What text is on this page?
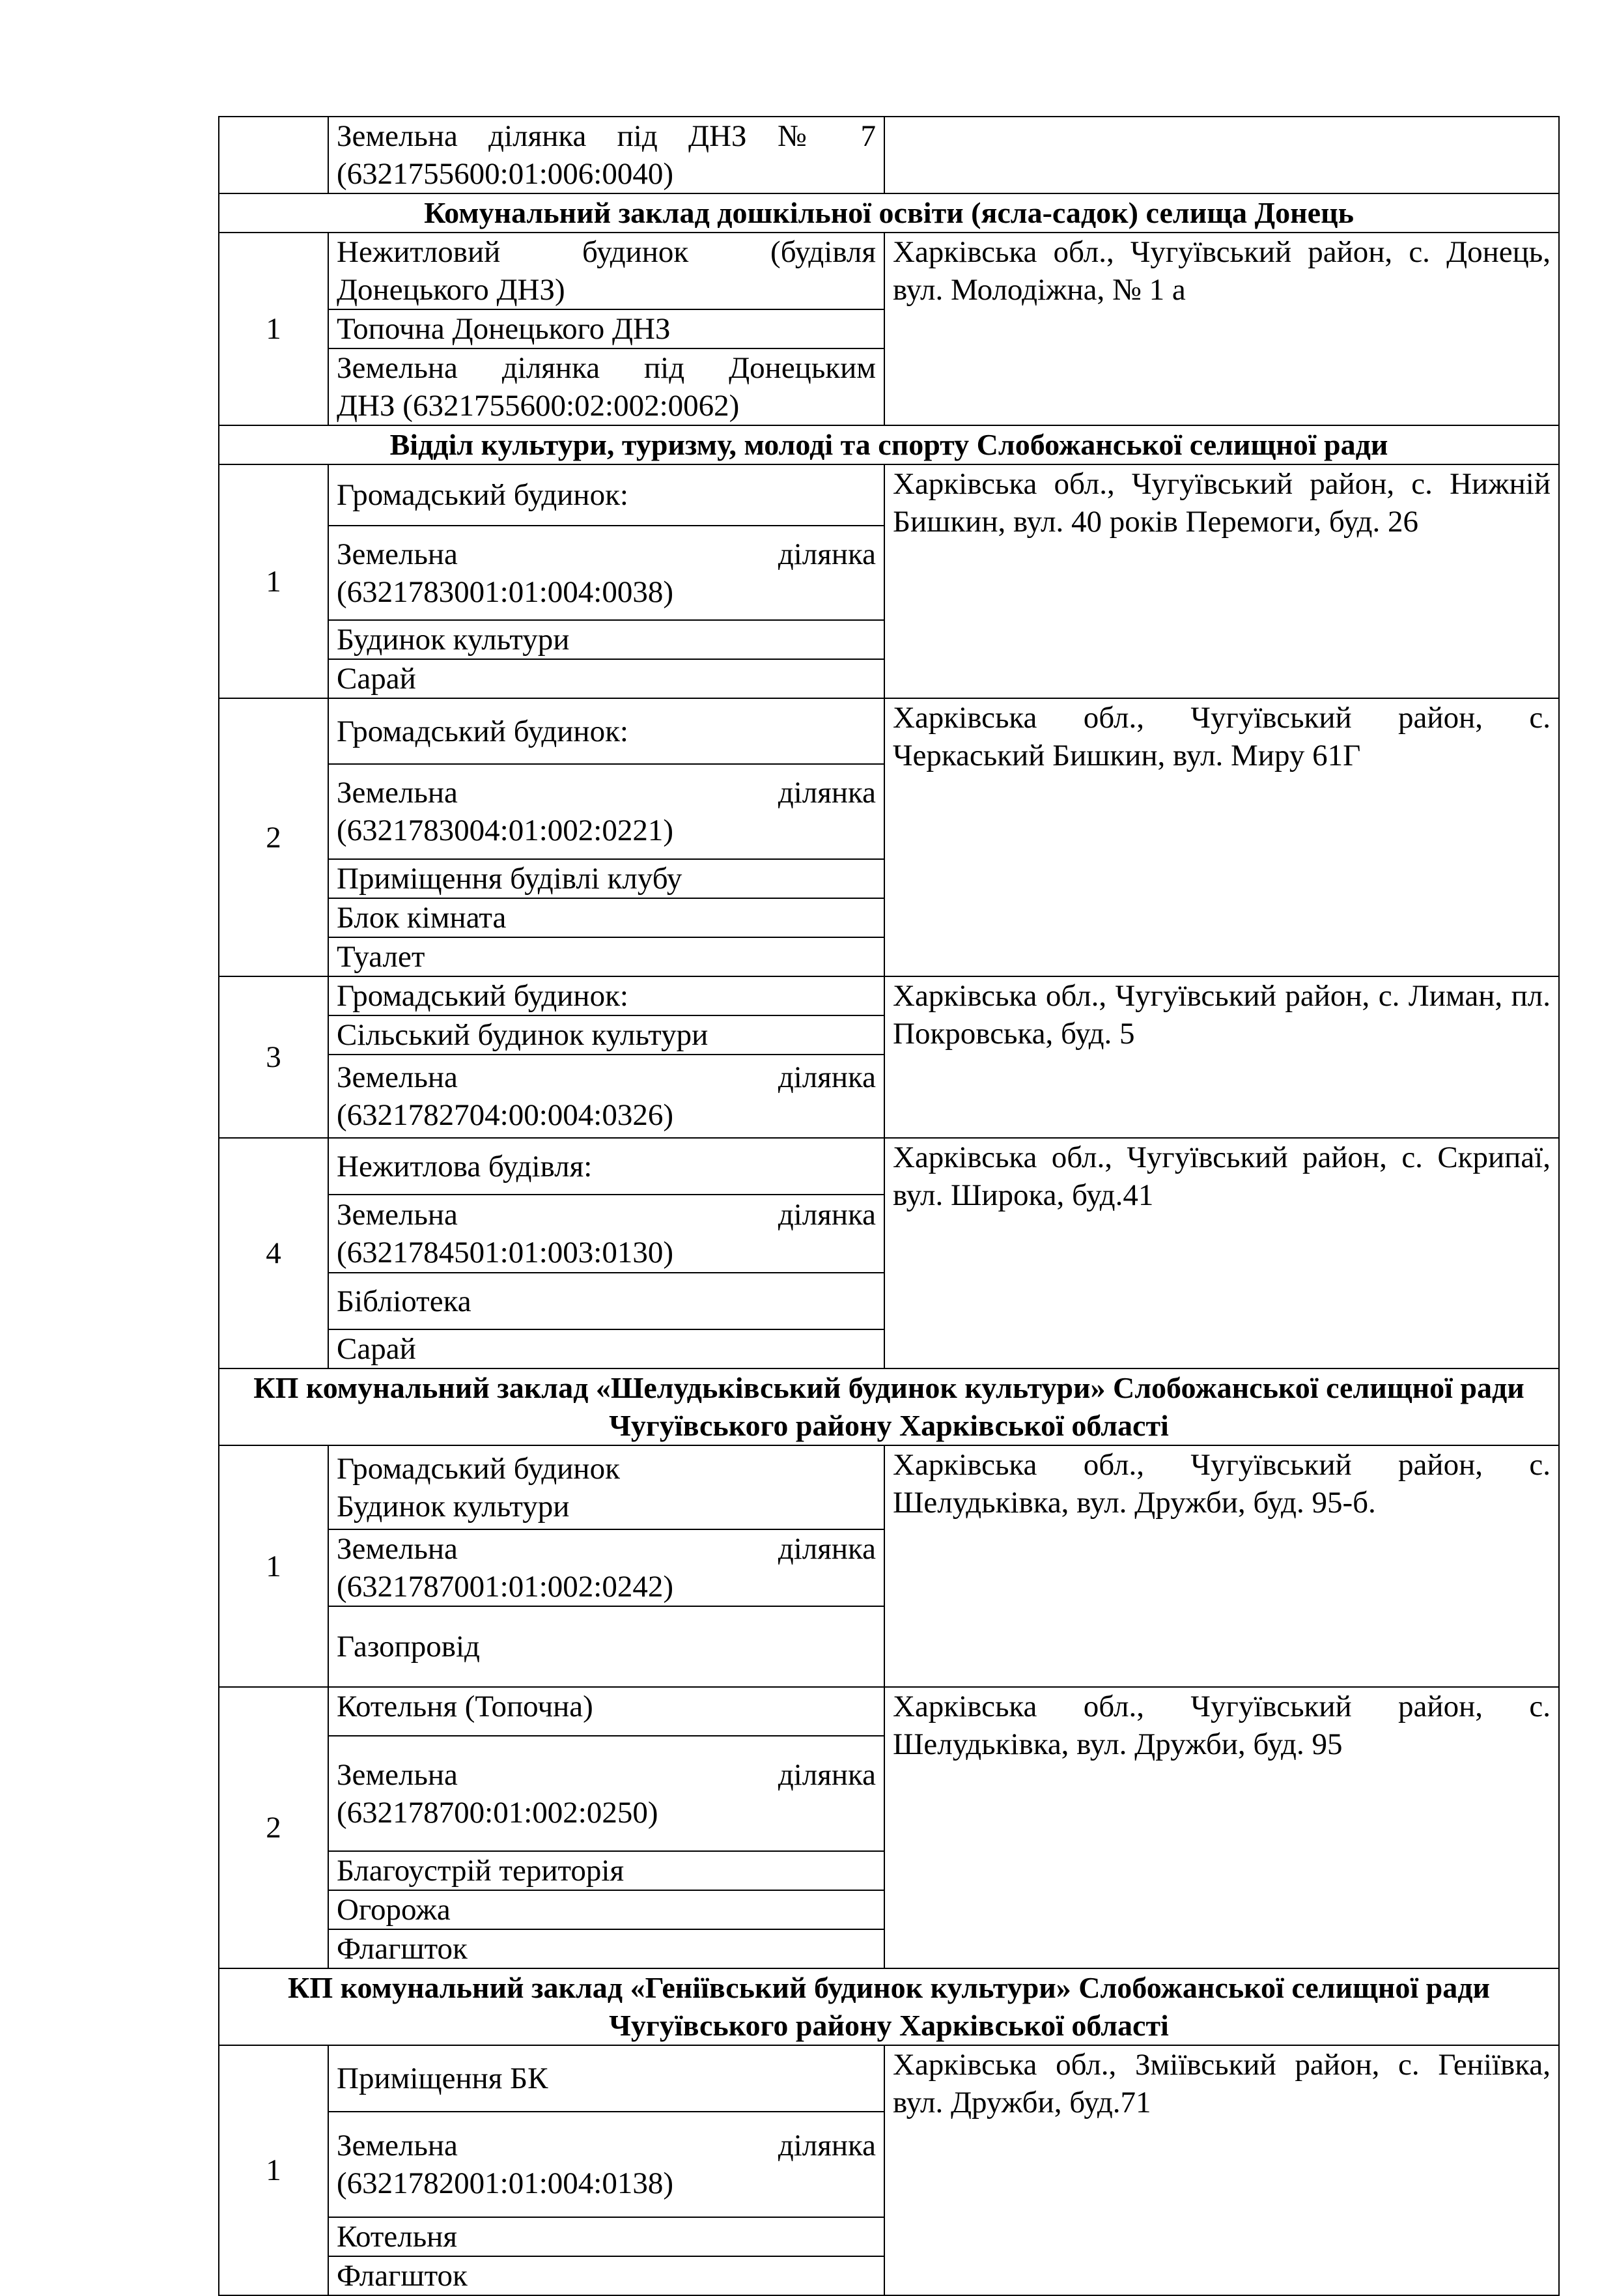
	Земельна ділянка під ДНЗ № 7
(6321755600:01:006:0040)	

Комунальний заклад дошкільної освіти (ясла-садок) селища Донець		
1	Нежитловий будинок (будівля
Донецького ДНЗ)	Харківська обл., Чугуївський район, с. Донець, вул. Молодіжна, № 1 а

	Топочна Донецького ДНЗ	

	Земельна ділянка під Донецьким
ДНЗ (6321755600:02:002:0062)	

Відділ культури, туризму, молоді та спорту Слобожанської селищної ради		
1	Громадський будинок:	Харківська обл., Чугуївський район, с. Нижній Бишкин, вул. 40 років Перемоги, буд. 26

	Земельна ділянка
(6321783001:01:004:0038)	

	Будинок культури	

	Сарай	

2	Громадський будинок:	Харківська обл., Чугуївський район, с. Черкаський Бишкин, вул. Миру 61Г

	Земельна ділянка
(6321783004:01:002:0221)	

	Приміщення будівлі клубу	

	Блок кімната	

	Туалет	

3	Громадський будинок:	Харківська обл., Чугуївський район, с. Лиман, пл. Покровська, буд. 5

	Сільський будинок культури	

	Земельна ділянка
(6321782704:00:004:0326)	

4	Нежитлова будівля:	Харківська обл., Чугуївський район, с. Скрипаї, вул. Широка, буд.41

	Земельна ділянка
(6321784501:01:003:0130)	

	Бібліотека	

	Сарай	

КП комунальний заклад «Шелудьківський будинок культури» Слобожанської селищної ради Чугуївського району Харківської області		
1	Громадський будинок
Будинок культури	Харківська обл., Чугуївський район, с. Шелудьківка, вул. Дружби, буд. 95-б.

	Земельна ділянка
(6321787001:01:002:0242)	

	Газопровід	

2	Котельня (Топочна)	Харківська обл., Чугуївський район, с. Шелудьківка, вул. Дружби, буд. 95

	Земельна ділянка
(632178700:01:002:0250)	

	Благоустрій територія	

	Огорожа	

	Флагшток	

КП комунальний заклад «Геніївський будинок культури» Слобожанської селищної ради Чугуївського району Харківської області		
1	Приміщення БК	Харківська обл., Зміївський район, с. Геніївка, вул. Дружби, буд.71

	Земельна ділянка
(6321782001:01:004:0138)	

	Котельня	

	Флагшток	
